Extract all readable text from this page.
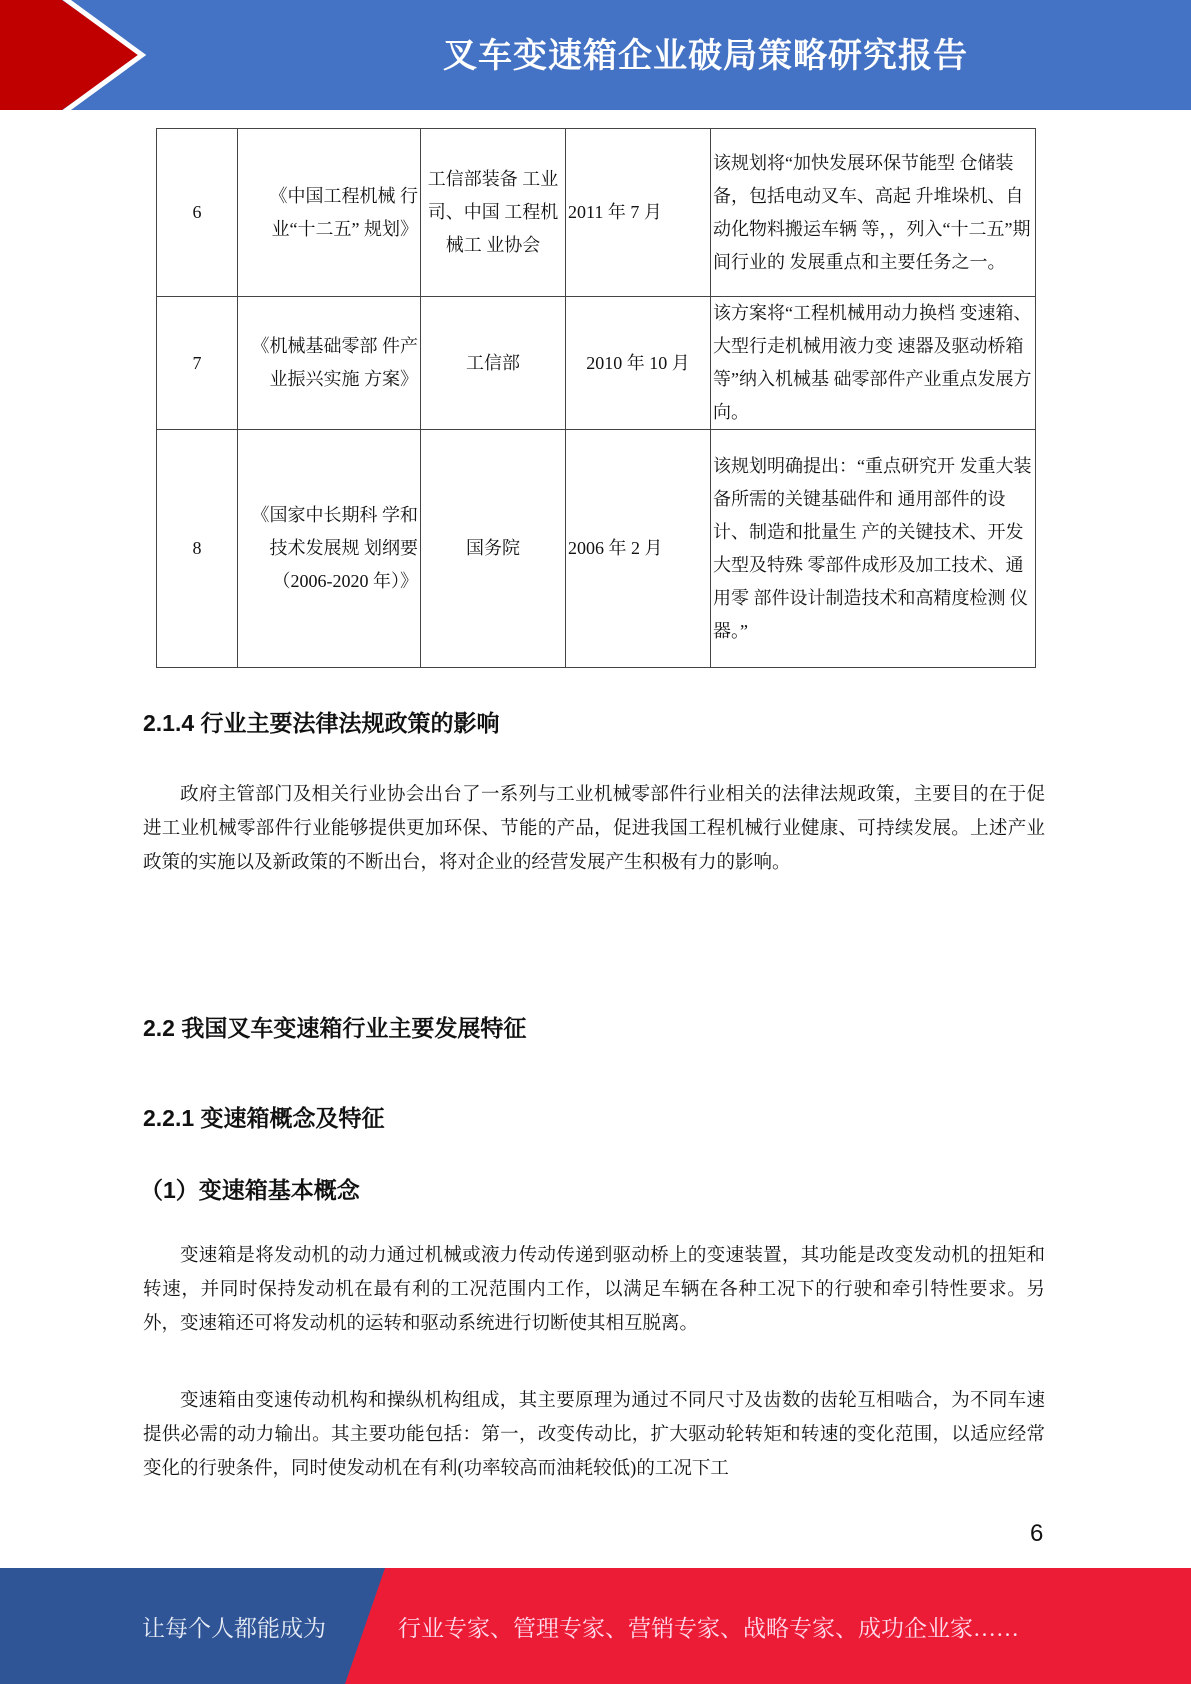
叉车变速箱企业破局策略研究报告
6	《中国工程机械 行业“十二五” 规划》	工信部装备 工业司、中国 工程机械工 业协会	2011 年 7 月	该规划将“加快发展环保节能型 仓储装备，包括电动叉车、高起 升堆垛机、自动化物料搬运车辆 等，，列入“十二五”期间行业的 发展重点和主要任务之一。
7	《机械基础零部 件产业振兴实施 方案》	工信部	2010 年 10 月	该方案将“工程机械用动力换档 变速箱、大型行走机械用液力变 速器及驱动桥箱等”纳入机械基 础零部件产业重点发展方向。
8	《国家中长期科 学和技术发展规 划纲要（2006-2020 年）》	国务院	2006 年 2 月	该规划明确提出：“重点研究开 发重大装备所需的关键基础件和 通用部件的设计、制造和批量生 产的关键技术、开发大型及特殊 零部件成形及加工技术、通用零 部件设计制造技术和高精度检测 仪器。”
2.1.4 行业主要法律法规政策的影响
政府主管部门及相关行业协会出台了一系列与工业机械零部件行业相关的法律法规政策，主要目的在于促进工业机械零部件行业能够提供更加环保、节能的产品，促进我国工程机械行业健康、可持续发展。上述产业政策的实施以及新政策的不断出台，将对企业的经营发展产生积极有力的影响。
2.2 我国叉车变速箱行业主要发展特征
2.2.1 变速箱概念及特征
（1）变速箱基本概念
变速箱是将发动机的动力通过机械或液力传动传递到驱动桥上的变速装置，其功能是改变发动机的扭矩和转速，并同时保持发动机在最有利的工况范围内工作，以满足车辆在各种工况下的行驶和牵引特性要求。另外，变速箱还可将发动机的运转和驱动系统进行切断使其相互脱离。
变速箱由变速传动机构和操纵机构组成，其主要原理为通过不同尺寸及齿数的齿轮互相啮合，为不同车速提供必需的动力输出。其主要功能包括：第一，改变传动比，扩大驱动轮转矩和转速的变化范围，以适应经常变化的行驶条件，同时使发动机在有利(功率较高而油耗较低)的工况下工
6
让每个人都能成为	行业专家、管理专家、营销专家、战略专家、成功企业家……
